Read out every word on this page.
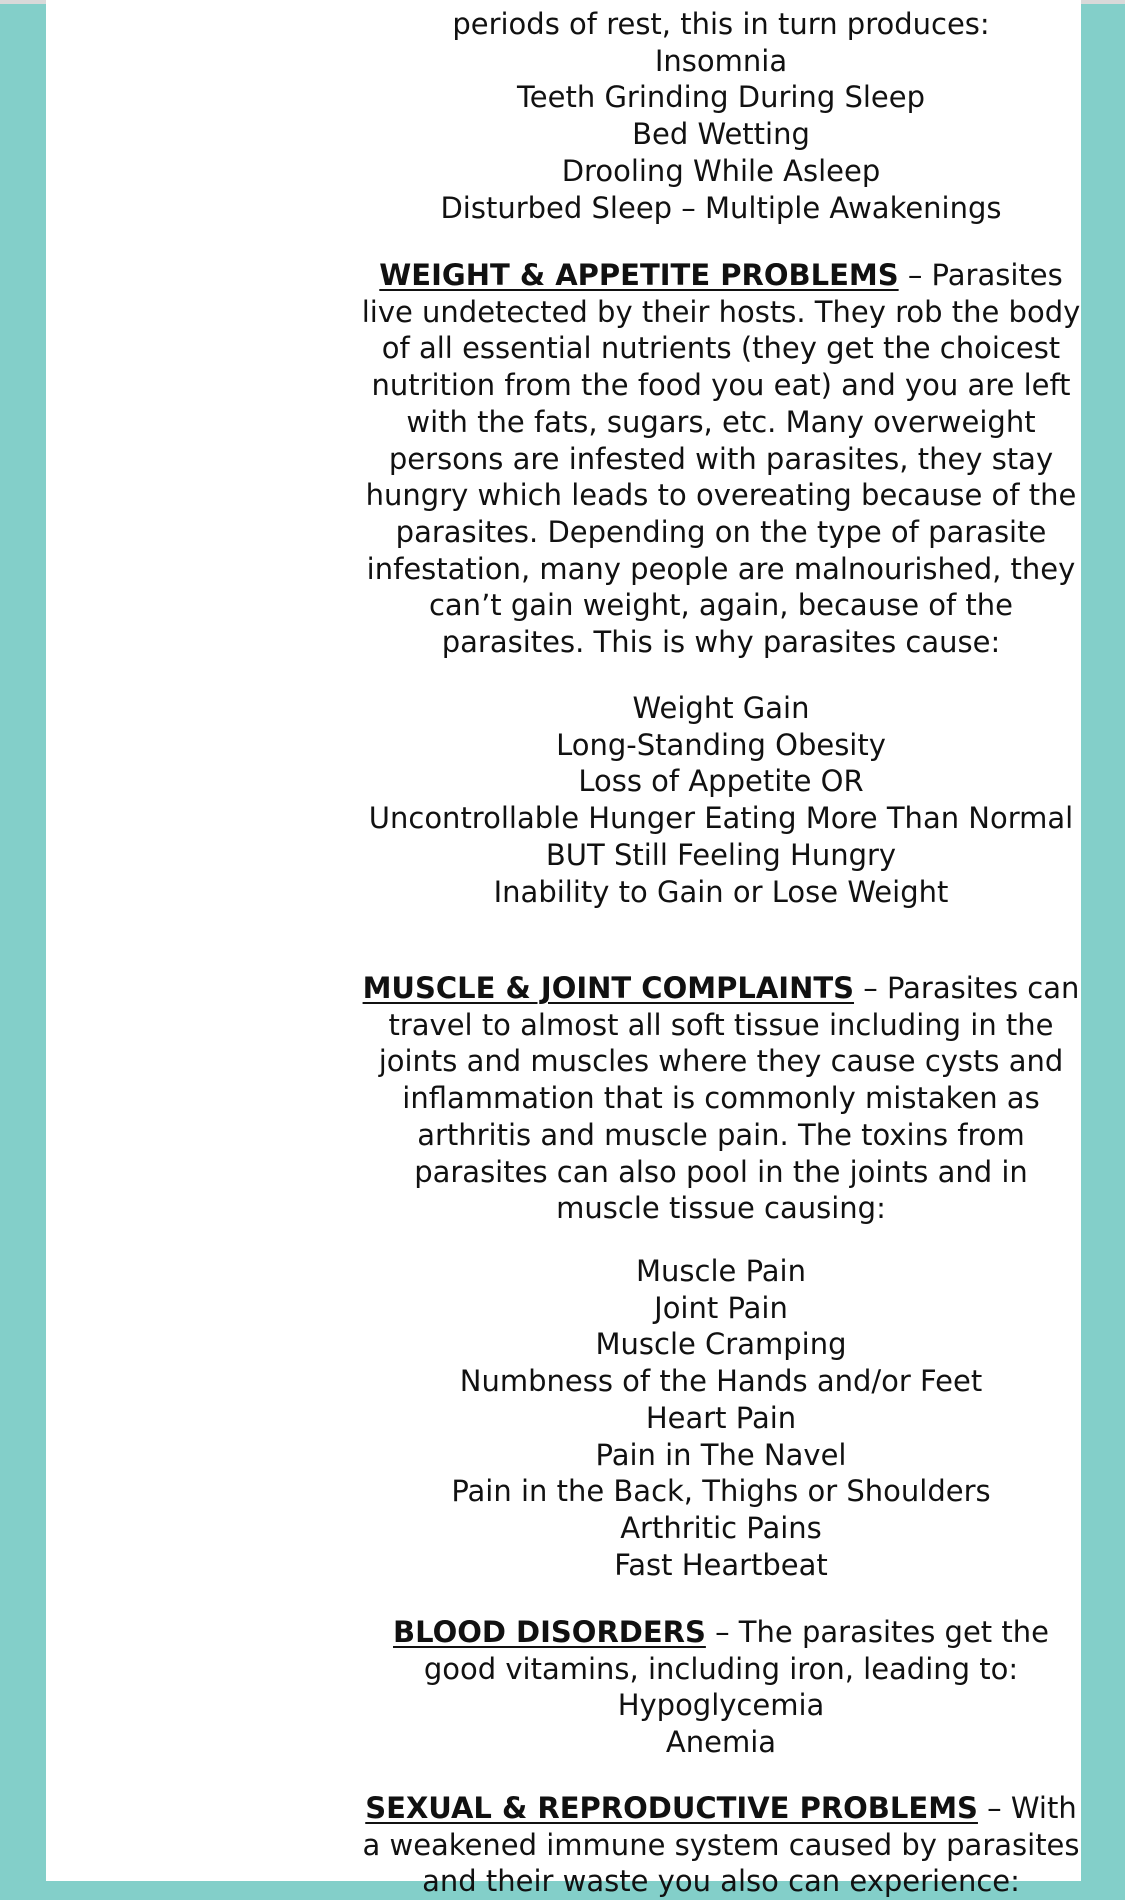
periods of rest, this in turn produces:
Insomnia
Teeth Grinding During Sleep
Bed Wetting
Drooling While Asleep
Disturbed Sleep – Multiple Awakenings
WEIGHT & APPETITE PROBLEMS – Parasites
live undetected by their hosts. They rob the body
of all essential nutrients (they get the choicest
nutrition from the food you eat) and you are left
with the fats, sugars, etc. Many overweight
persons are infested with parasites, they stay
hungry which leads to overeating because of the
parasites. Depending on the type of parasite
infestation, many people are malnourished, they
can’t gain weight, again, because of the
parasites. This is why parasites cause:
Weight Gain
Long-Standing Obesity
Loss of Appetite OR
Uncontrollable Hunger Eating More Than Normal
BUT Still Feeling Hungry
Inability to Gain or Lose Weight
MUSCLE & JOINT COMPLAINTS – Parasites can
travel to almost all soft tissue including in the
joints and muscles where they cause cysts and
inflammation that is commonly mistaken as
arthritis and muscle pain. The toxins from
parasites can also pool in the joints and in
muscle tissue causing:
Muscle Pain
Joint Pain
Muscle Cramping
Numbness of the Hands and/or Feet
Heart Pain
Pain in The Navel
Pain in the Back, Thighs or Shoulders
Arthritic Pains
Fast Heartbeat
BLOOD DISORDERS – The parasites get the
good vitamins, including iron, leading to:
Hypoglycemia
Anemia
SEXUAL & REPRODUCTIVE PROBLEMS – With
a weakened immune system caused by parasites
and their waste you also can experience:
